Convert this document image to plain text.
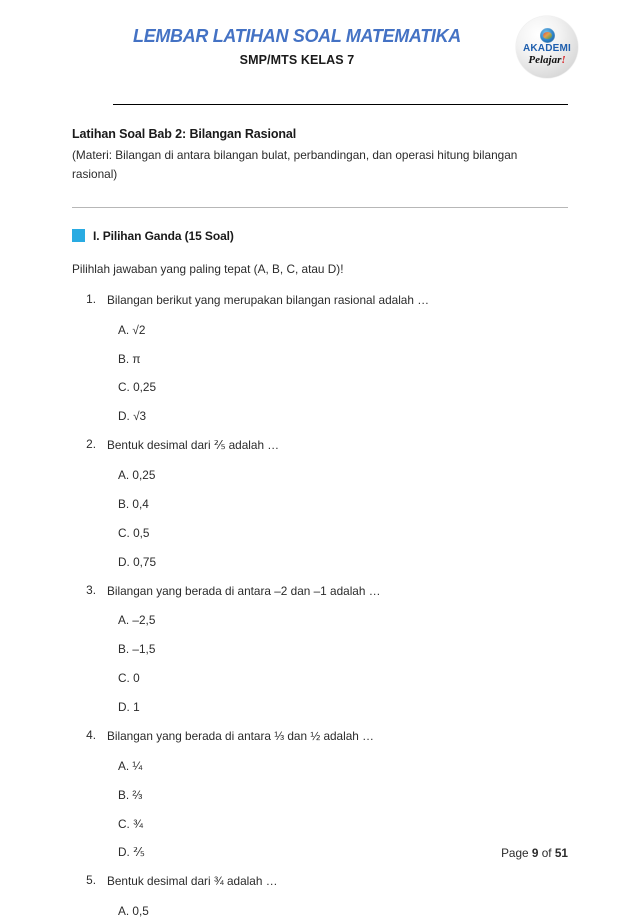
LEMBAR LATIHAN SOAL MATEMATIKA
SMP/MTS KELAS 7
AKADEMI
Pelajar!
Latihan Soal Bab 2: Bilangan Rasional
(Materi: Bilangan di antara bilangan bulat, perbandingan, dan operasi hitung bilangan rasional)
I. Pilihan Ganda (15 Soal)
Pilihlah jawaban yang paling tepat (A, B, C, atau D)!
1. Bilangan berikut yang merupakan bilangan rasional adalah …
A. √2
B. π
C. 0,25
D. √3
2. Bentuk desimal dari ⅖ adalah …
A. 0,25
B. 0,4
C. 0,5
D. 0,75
3. Bilangan yang berada di antara –2 dan –1 adalah …
A. –2,5
B. –1,5
C. 0
D. 1
4. Bilangan yang berada di antara ⅓ dan ½ adalah …
A. ¼
B. ⅔
C. ¾
D. ⅖
5. Bentuk desimal dari ¾ adalah …
A. 0,5
Page 9 of 51
